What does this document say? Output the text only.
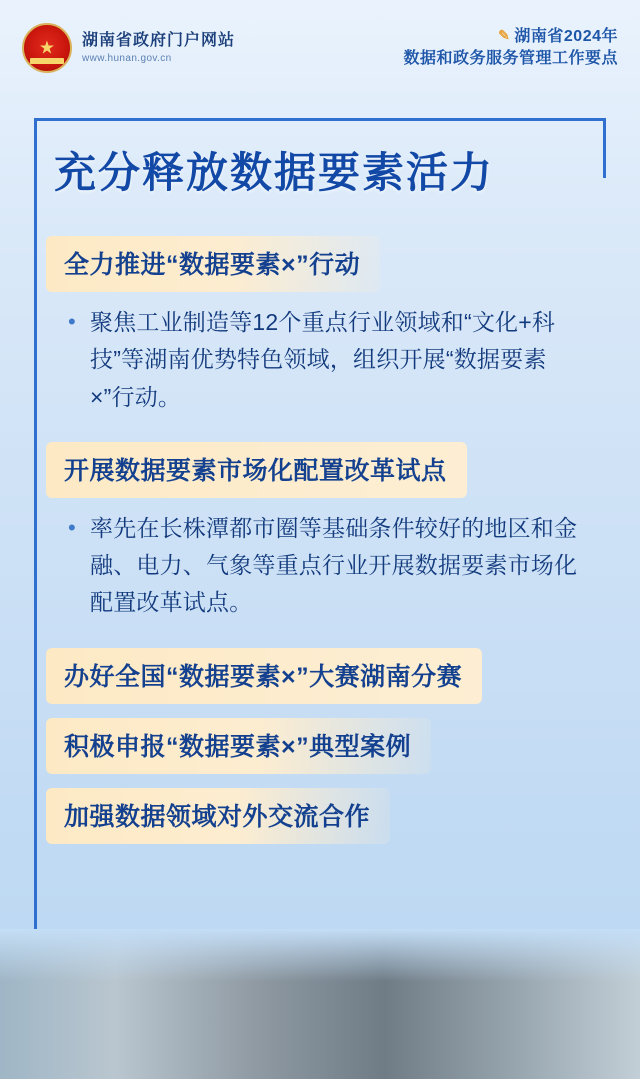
★
湖南省政府门户网站
www.hunan.gov.cn
✎ 湖南省2024年
数据和政务服务管理工作要点
充分释放数据要素活力
全力推进“数据要素×”行动
• 聚焦工业制造等12个重点行业领域和“文化+科技”等湖南优势特色领域，组织开展“数据要素×”行动。
开展数据要素市场化配置改革试点
• 率先在长株潭都市圈等基础条件较好的地区和金融、电力、气象等重点行业开展数据要素市场化配置改革试点。
办好全国“数据要素×”大赛湖南分赛
积极申报“数据要素×”典型案例
加强数据领域对外交流合作
